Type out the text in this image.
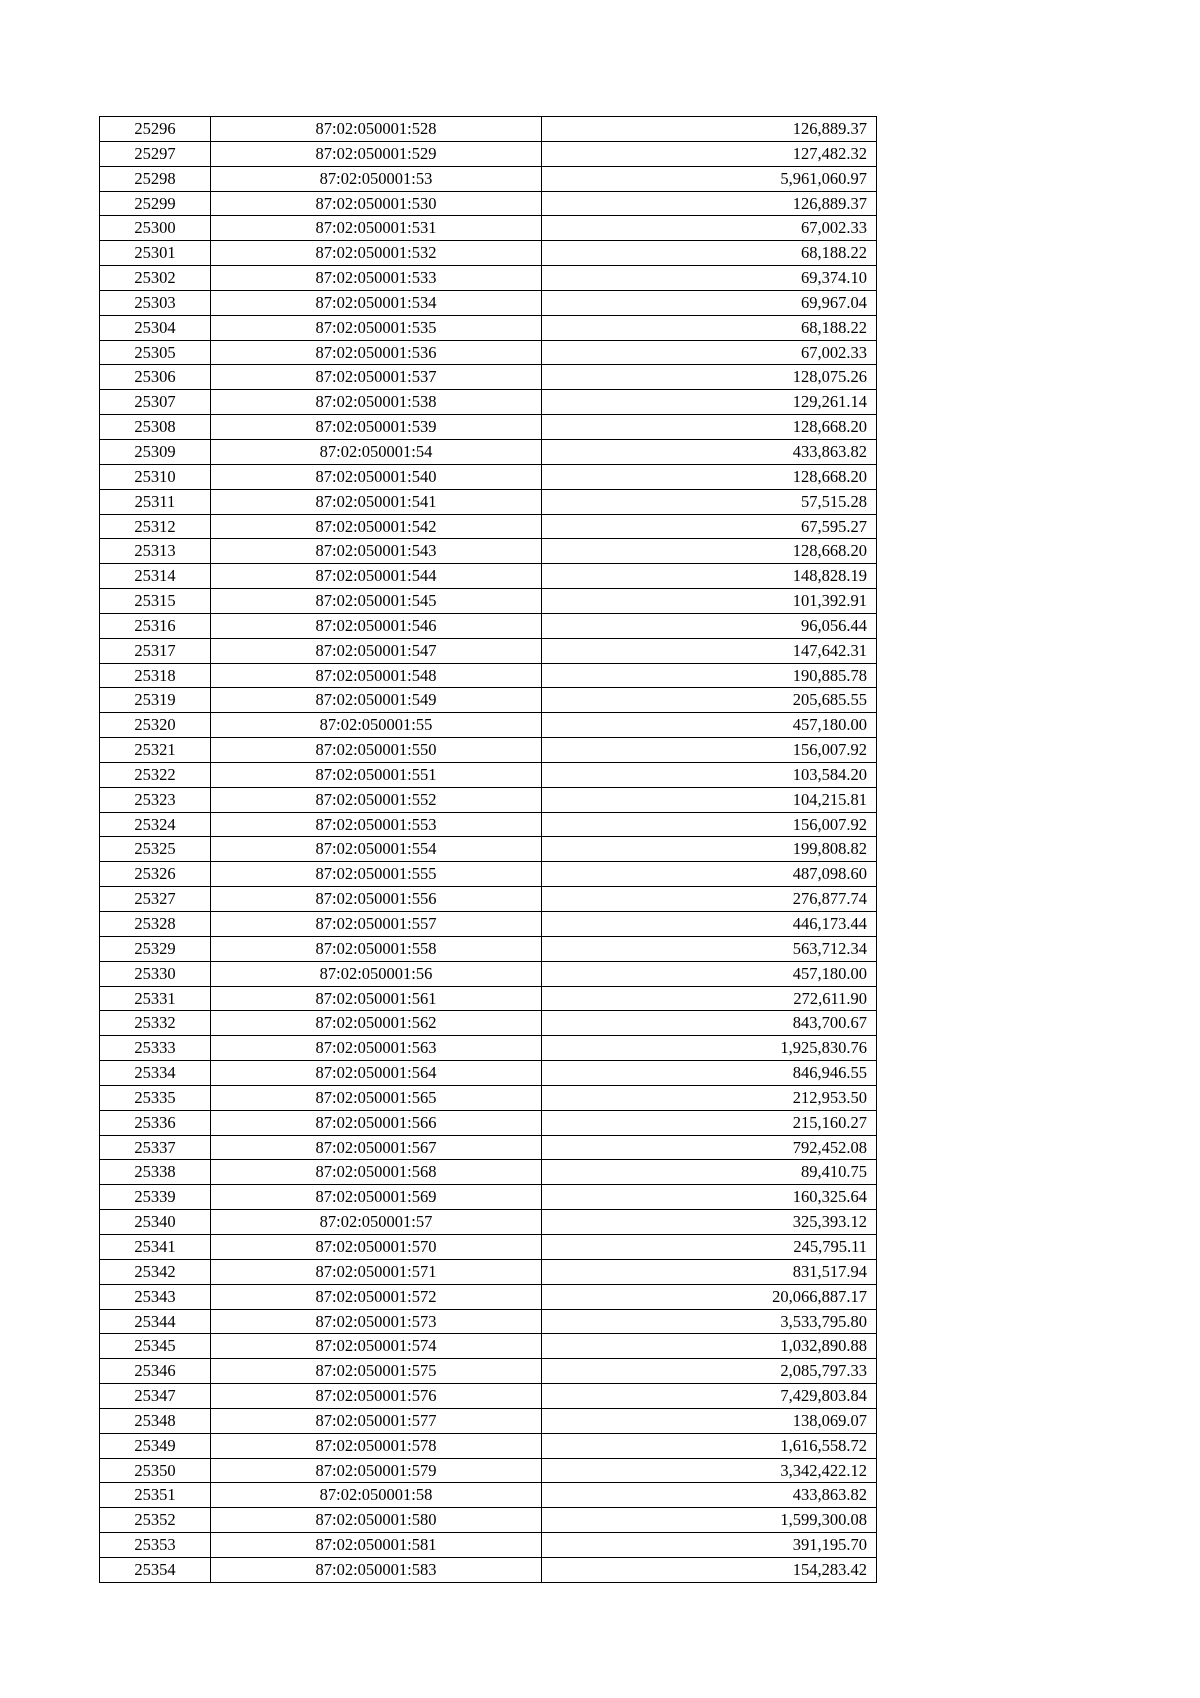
25296	87:02:050001:528	126,889.37
25297	87:02:050001:529	127,482.32
25298	87:02:050001:53	5,961,060.97
25299	87:02:050001:530	126,889.37
25300	87:02:050001:531	67,002.33
25301	87:02:050001:532	68,188.22
25302	87:02:050001:533	69,374.10
25303	87:02:050001:534	69,967.04
25304	87:02:050001:535	68,188.22
25305	87:02:050001:536	67,002.33
25306	87:02:050001:537	128,075.26
25307	87:02:050001:538	129,261.14
25308	87:02:050001:539	128,668.20
25309	87:02:050001:54	433,863.82
25310	87:02:050001:540	128,668.20
25311	87:02:050001:541	57,515.28
25312	87:02:050001:542	67,595.27
25313	87:02:050001:543	128,668.20
25314	87:02:050001:544	148,828.19
25315	87:02:050001:545	101,392.91
25316	87:02:050001:546	96,056.44
25317	87:02:050001:547	147,642.31
25318	87:02:050001:548	190,885.78
25319	87:02:050001:549	205,685.55
25320	87:02:050001:55	457,180.00
25321	87:02:050001:550	156,007.92
25322	87:02:050001:551	103,584.20
25323	87:02:050001:552	104,215.81
25324	87:02:050001:553	156,007.92
25325	87:02:050001:554	199,808.82
25326	87:02:050001:555	487,098.60
25327	87:02:050001:556	276,877.74
25328	87:02:050001:557	446,173.44
25329	87:02:050001:558	563,712.34
25330	87:02:050001:56	457,180.00
25331	87:02:050001:561	272,611.90
25332	87:02:050001:562	843,700.67
25333	87:02:050001:563	1,925,830.76
25334	87:02:050001:564	846,946.55
25335	87:02:050001:565	212,953.50
25336	87:02:050001:566	215,160.27
25337	87:02:050001:567	792,452.08
25338	87:02:050001:568	89,410.75
25339	87:02:050001:569	160,325.64
25340	87:02:050001:57	325,393.12
25341	87:02:050001:570	245,795.11
25342	87:02:050001:571	831,517.94
25343	87:02:050001:572	20,066,887.17
25344	87:02:050001:573	3,533,795.80
25345	87:02:050001:574	1,032,890.88
25346	87:02:050001:575	2,085,797.33
25347	87:02:050001:576	7,429,803.84
25348	87:02:050001:577	138,069.07
25349	87:02:050001:578	1,616,558.72
25350	87:02:050001:579	3,342,422.12
25351	87:02:050001:58	433,863.82
25352	87:02:050001:580	1,599,300.08
25353	87:02:050001:581	391,195.70
25354	87:02:050001:583	154,283.42
